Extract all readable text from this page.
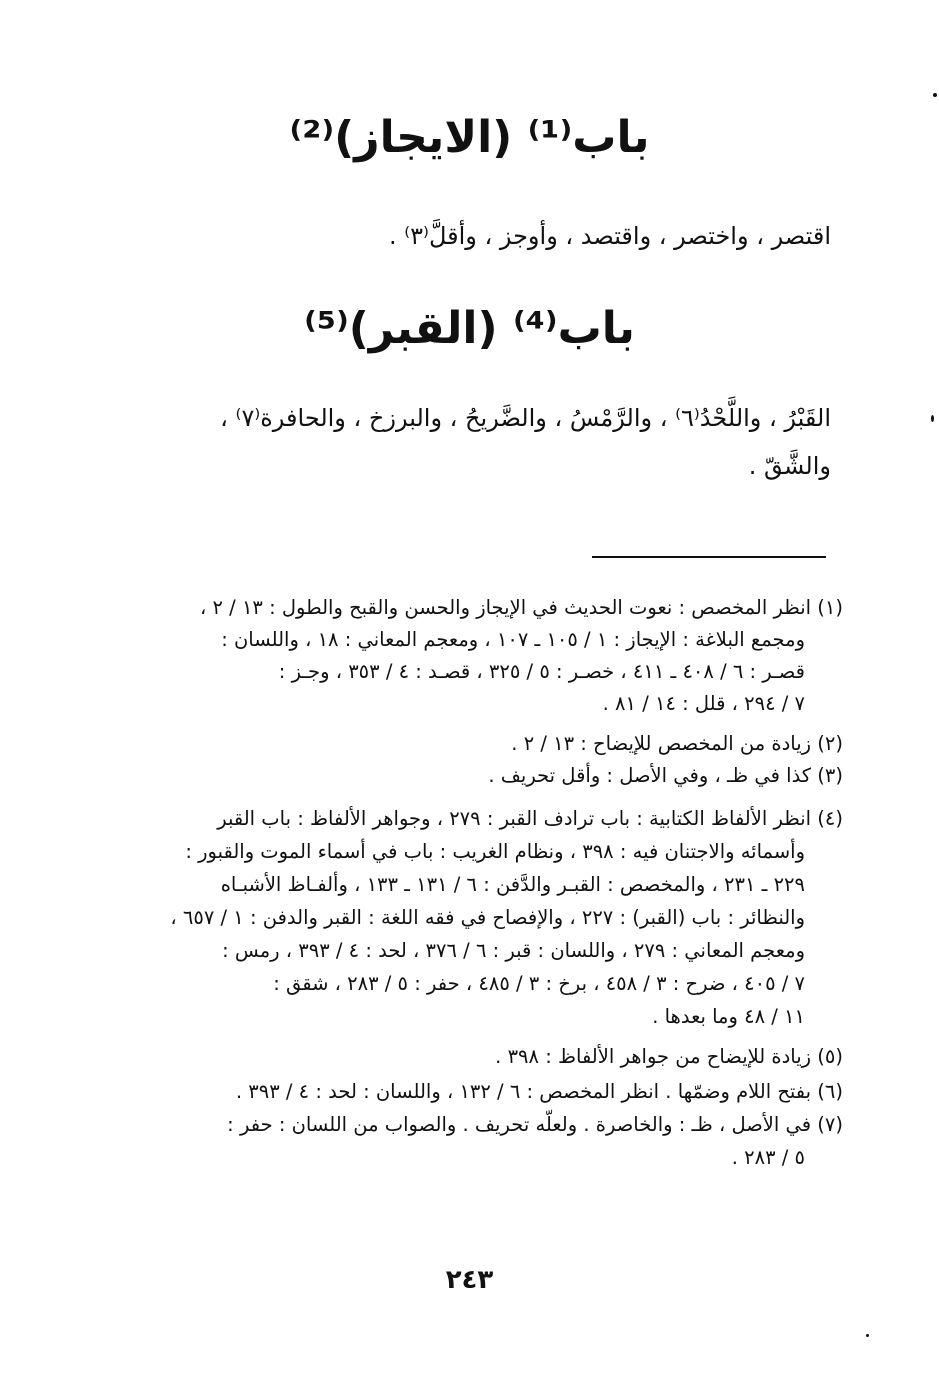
باب⁽¹⁾ (الايجاز)⁽²⁾
اقتصر ، واختصر ، واقتصد ، وأوجز ، وأقلَّ⁽٣⁾ .
باب⁽⁴⁾ (القبر)⁽⁵⁾
القَبْرُ ، واللَّحْدُ⁽٦⁾ ، والرَّمْسُ ، والضَّريحُ ، والبرزخ ، والحافرة⁽٧⁾ ،
والشَّقّ .
(١) انظر المخصص : نعوت الحديث في الإيجاز والحسن والقبح والطول : ١٣ / ٢ ،
ومجمع البلاغة : الإيجاز : ١ / ١٠٥ ـ ١٠٧ ، ومعجم المعاني : ١٨ ، واللسان :
قصـر : ٦ / ٤٠٨ ـ ٤١١ ، خصـر : ٥ / ٣٢٥ ، قصـد : ٤ / ٣٥٣ ، وجـز :
٧ / ٢٩٤ ، قلل : ١٤ / ٨١ .
(٢) زيادة من المخصص للإيضاح : ١٣ / ٢ .
(٣) كذا في ظـ ، وفي الأصل : وأقل تحريف .
(٤) انظر الألفاظ الكتابية : باب ترادف القبر : ٢٧٩ ، وجواهر الألفاظ : باب القبر
وأسمائه والاجتنان فيه : ٣٩٨ ، ونظام الغريب : باب في أسماء الموت والقبور :
٢٢٩ ـ ٢٣١ ، والمخصص : القبـر والدَّفن : ٦ / ١٣١ ـ ١٣٣ ، وألفـاظ الأشبـاه
والنظائر : باب (القبر) : ٢٢٧ ، والإفصاح في فقه اللغة : القبر والدفن : ١ / ٦٥٧ ،
ومعجم المعاني : ٢٧٩ ، واللسان : قبر : ٦ / ٣٧٦ ، لحد : ٤ / ٣٩٣ ، رمس :
٧ / ٤٠٥ ، ضرح : ٣ / ٤٥٨ ، برخ : ٣ / ٤٨٥ ، حفر : ٥ / ٢٨٣ ، شقق :
١١ / ٤٨ وما بعدها .
(٥) زيادة للإيضاح من جواهر الألفاظ : ٣٩٨ .
(٦) بفتح اللام وضمّها . انظر المخصص : ٦ / ١٣٢ ، واللسان : لحد : ٤ / ٣٩٣ .
(٧) في الأصل ، ظـ : والخاصرة . ولعلّه تحريف . والصواب من اللسان : حفر :
٥ / ٢٨٣ .
٢٤٣
